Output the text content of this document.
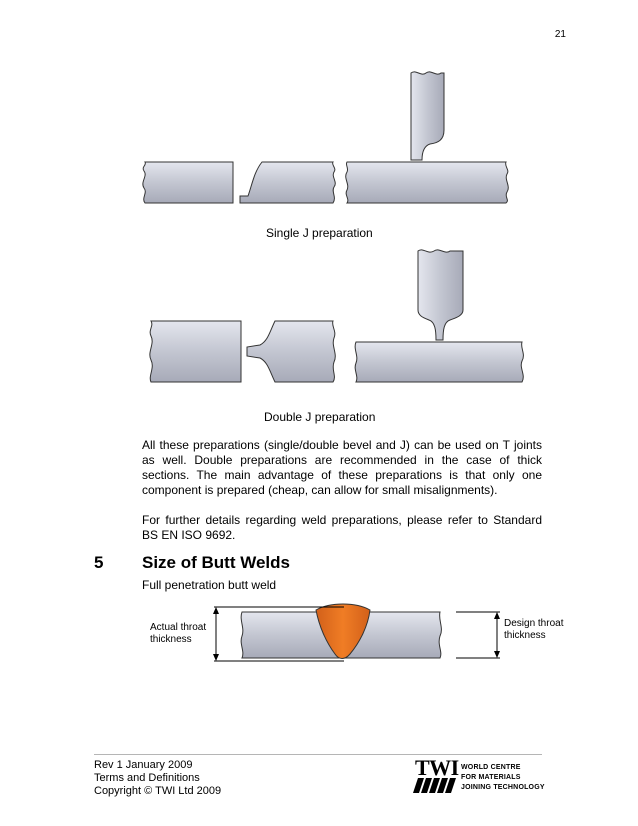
21
Single J preparation
Double J preparation

All these preparations (single/double bevel and J) can be used on T joints as well. Double preparations are recommended in the case of thick sections. The main advantage of these preparations is that only one component is prepared (cheap, can allow for small misalignments).

For further details regarding weld preparations, please refer to Standard BS EN ISO 9692.

5 Size of Butt Welds
Full penetration butt weld
Actual throat
thickness
Design throat
thickness
Rev 1 January 2009
Terms and Definitions
Copyright © TWI Ltd 2009
TWI WORLD CENTRE
FOR MATERIALS
JOINING TECHNOLOGY
